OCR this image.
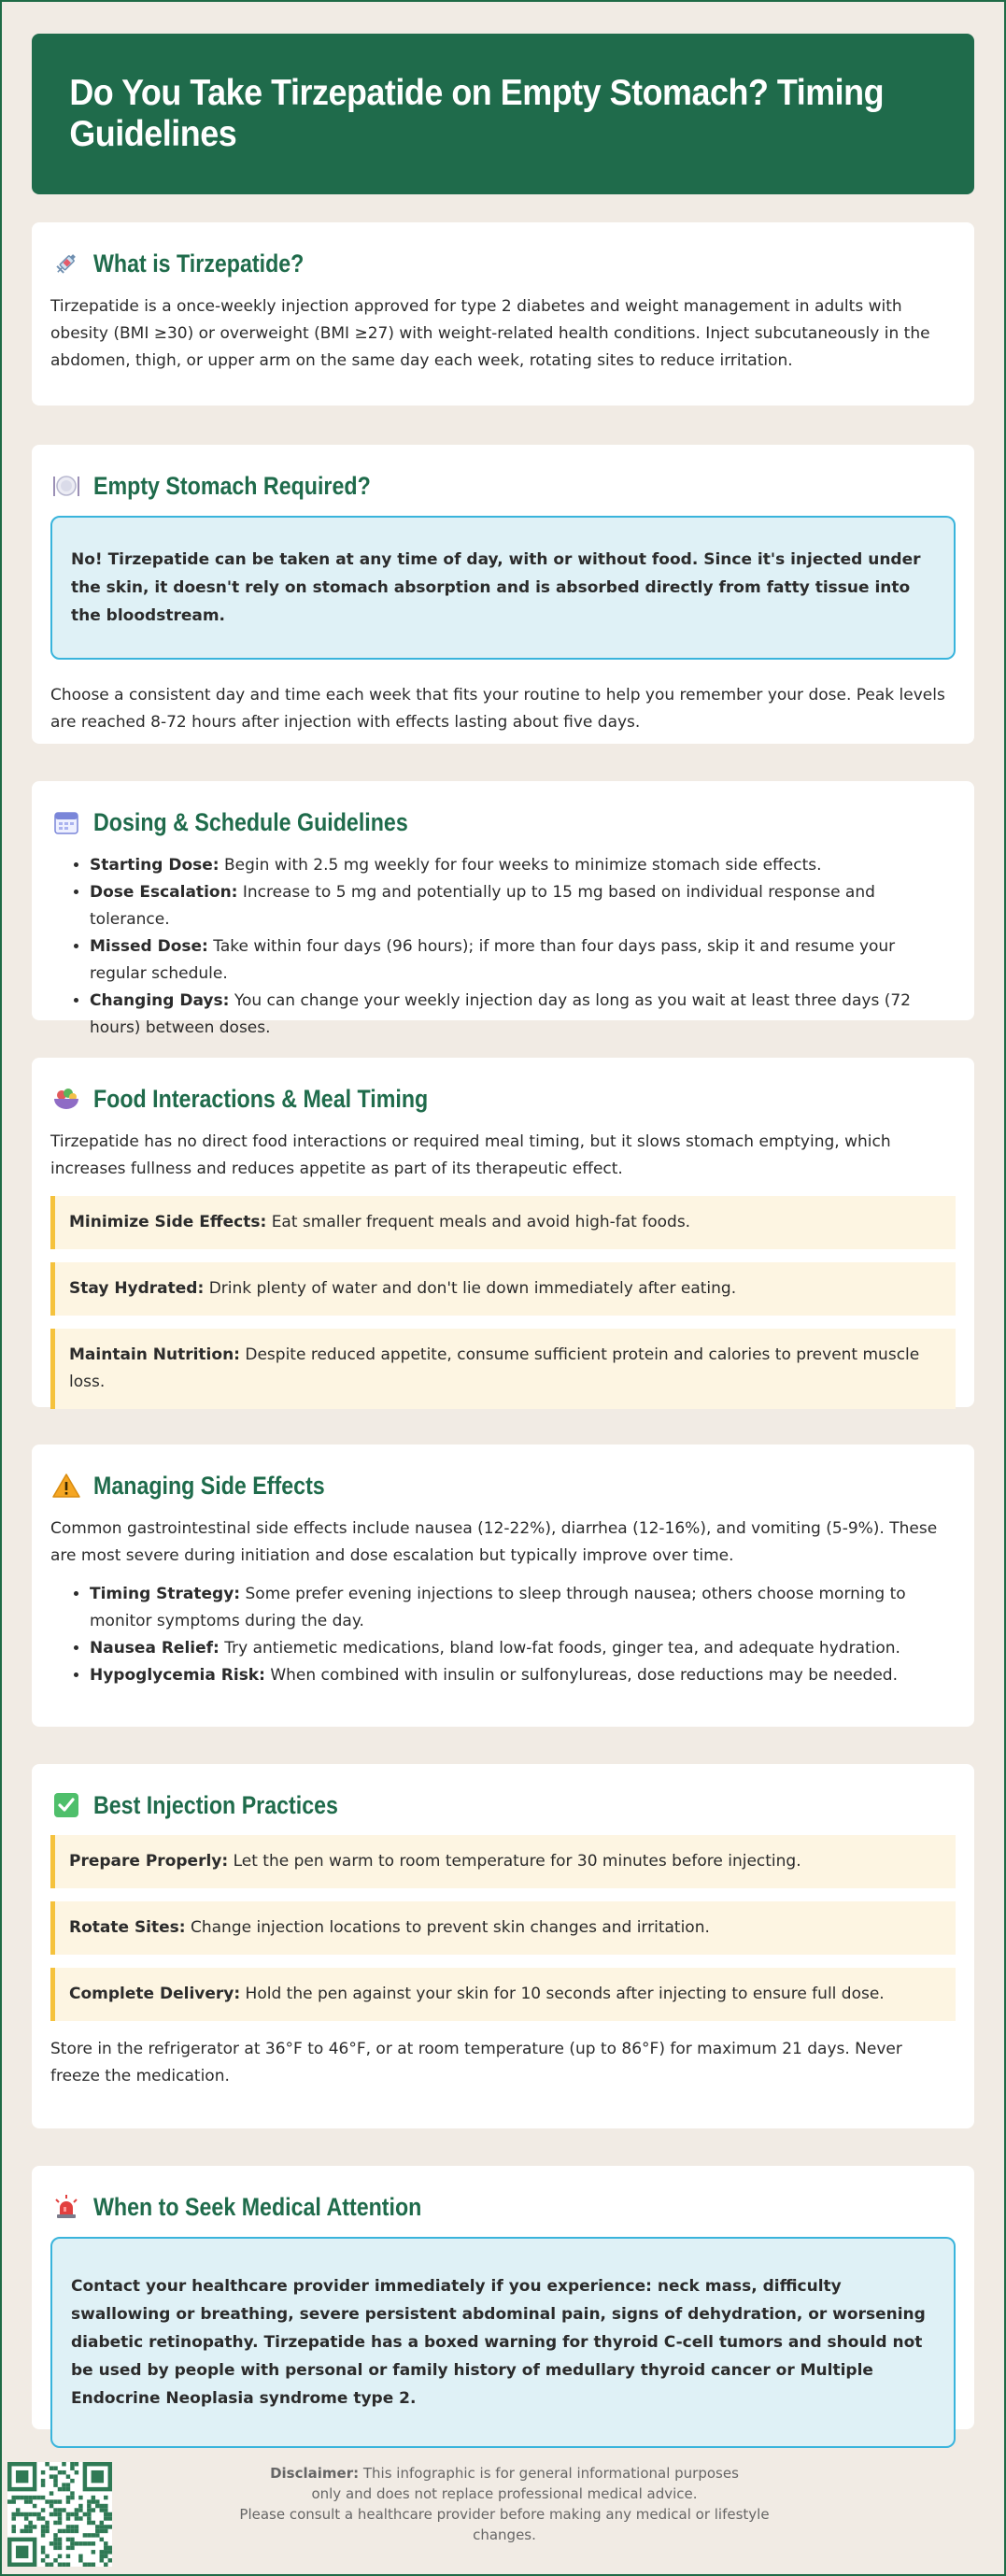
Do You Take Tirzepatide on Empty Stomach? Timing Guidelines
What is Tirzepatide?

Tirzepatide is a once-weekly injection approved for type 2 diabetes and weight management in adults with obesity (BMI ≥30) or overweight (BMI ≥27) with weight-related health conditions. Inject subcutaneously in the abdomen, thigh, or upper arm on the same day each week, rotating sites to reduce irritation.

Empty Stomach Required?
No! Tirzepatide can be taken at any time of day, with or without food. Since it's injected under the skin, it doesn't rely on stomach absorption and is absorbed directly from fatty tissue into the bloodstream.

Choose a consistent day and time each week that fits your routine to help you remember your dose. Peak levels are reached 8-72 hours after injection with effects lasting about five days.

Dosing & Schedule Guidelines
• Starting Dose: Begin with 2.5 mg weekly for four weeks to minimize stomach side effects.
• Dose Escalation: Increase to 5 mg and potentially up to 15 mg based on individual response and tolerance.
• Missed Dose: Take within four days (96 hours); if more than four days pass, skip it and resume your regular schedule.
• Changing Days: You can change your weekly injection day as long as you wait at least three days (72 hours) between doses.
Food Interactions & Meal Timing

Tirzepatide has no direct food interactions or required meal timing, but it slows stomach emptying, which increases fullness and reduces appetite as part of its therapeutic effect.

Minimize Side Effects: Eat smaller frequent meals and avoid high-fat foods.
Stay Hydrated: Drink plenty of water and don't lie down immediately after eating.
Maintain Nutrition: Despite reduced appetite, consume sufficient protein and calories to prevent muscle loss.
Managing Side Effects

Common gastrointestinal side effects include nausea (12-22%), diarrhea (12-16%), and vomiting (5-9%). These are most severe during initiation and dose escalation but typically improve over time.

• Timing Strategy: Some prefer evening injections to sleep through nausea; others choose morning to monitor symptoms during the day.
• Nausea Relief: Try antiemetic medications, bland low-fat foods, ginger tea, and adequate hydration.
• Hypoglycemia Risk: When combined with insulin or sulfonylureas, dose reductions may be needed.
Best Injection Practices
Prepare Properly: Let the pen warm to room temperature for 30 minutes before injecting.
Rotate Sites: Change injection locations to prevent skin changes and irritation.
Complete Delivery: Hold the pen against your skin for 10 seconds after injecting to ensure full dose.

Store in the refrigerator at 36°F to 46°F, or at room temperature (up to 86°F) for maximum 21 days. Never freeze the medication.

When to Seek Medical Attention
Contact your healthcare provider immediately if you experience: neck mass, difficulty swallowing or breathing, severe persistent abdominal pain, signs of dehydration, or worsening diabetic retinopathy. Tirzepatide has a boxed warning for thyroid C-cell tumors and should not be used by people with personal or family history of medullary thyroid cancer or Multiple Endocrine Neoplasia syndrome type 2.
Disclaimer: This infographic is for general informational purposes
only and does not replace professional medical advice.
Please consult a healthcare provider before making any medical or lifestyle changes.
